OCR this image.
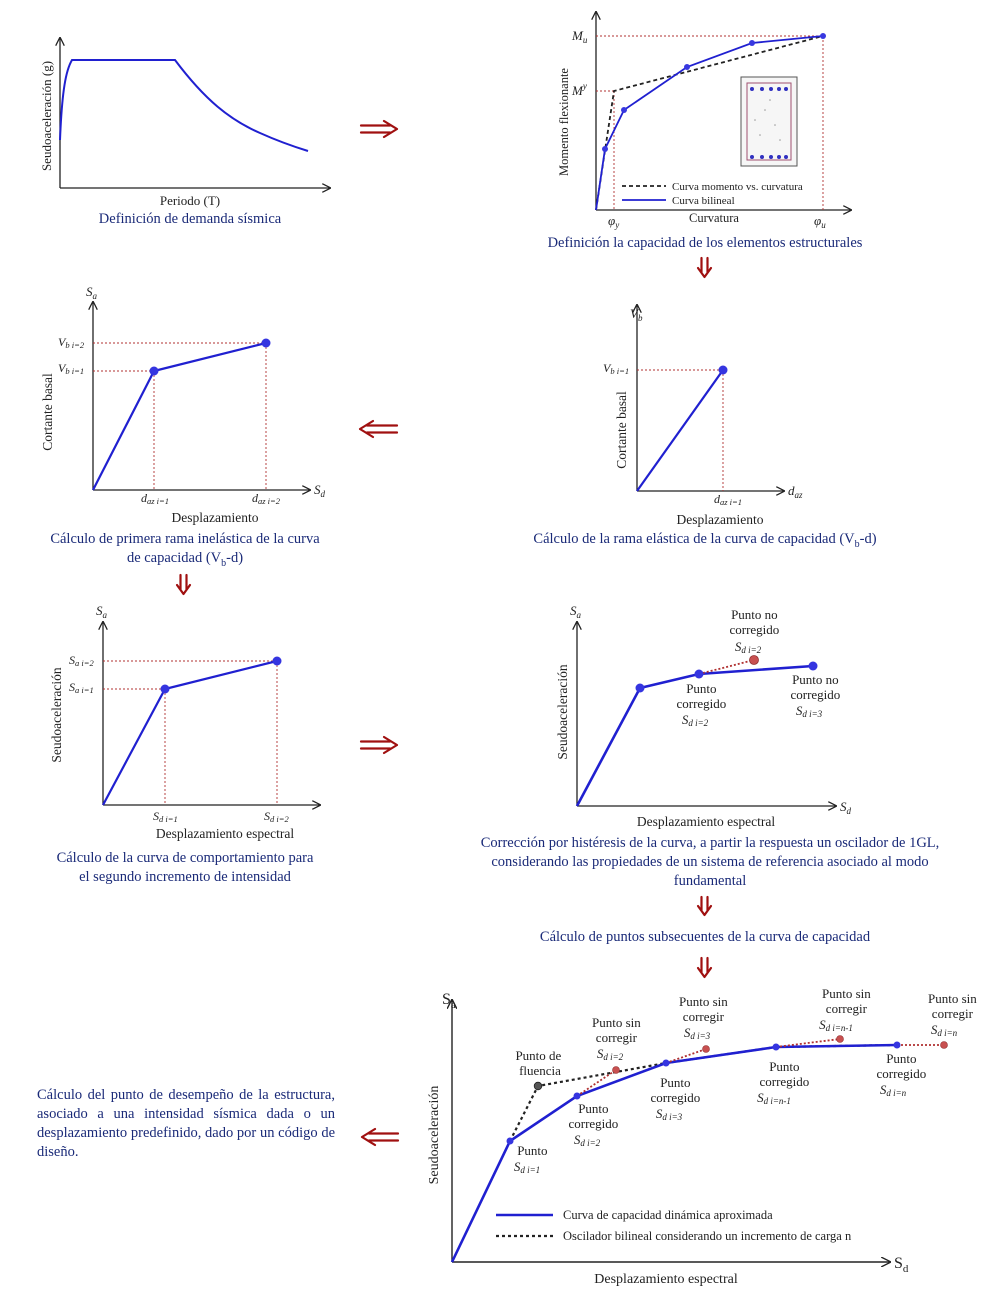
Seudoaceleración (g)
Periodo (T)
$M_u$
$M^y$
$\varphi_y$	$\varphi_u$
Momento flexionante
Curvatura
Curva momento vs. curvatura
Curva bilineal
$S_a$
$S_d$
Vb i=2
Vb i=1
daz i=1	daz i=2
Cortante basal
Desplazamiento
$V_b$
$d_{az}$
Vb i=1
daz i=1
Cortante basal
Desplazamiento
$S_a$
Sa i=2
Sa i=1
Sd i=1	Sd i=2
Seudoaceleración
Desplazamiento espectral
$S_a$
$S_d$
Punto no corregido Sd i=2
Punto corregido Sd i=2
Punto no corregido Sd i=3
Seudoaceleración
Desplazamiento espectral
$S_a$
$S_d$
Seudoaceleración
Desplazamiento espectral
Punto de fluencia
Punto Sd i=1
Punto sin corregir Sd i=2
Punto corregido Sd i=2
Punto sin corregir Sd i=3
Punto corregido Sd i=3
Punto sin corregir Sd i=n-1
Punto corregido Sd i=n-1
Punto sin corregir Sd i=n
Punto corregido Sd i=n
Curva de capacidad dinámica aproximada
Oscilador bilineal considerando un incremento de carga n
Definición de demanda sísmica
Definición la capacidad de los elementos estructurales
Cálculo de primera rama inelástica de la curva
de capacidad $(V_b-d)$
Cálculo de la rama elástica de la curva de capacidad $(V_b-d)$
Cálculo de la curva de comportamiento para
el segundo incremento de intensidad
Corrección por histéresis de la curva, a partir la respuesta un oscilador de 1GL,
considerando las propiedades de un sistema de referencia asociado al modo
fundamental
Cálculo de puntos subsecuentes de la curva de capacidad
Cálculo del punto de desempeño de la estructura, asociado a una intensidad sísmica dada o un desplazamiento predefinido, dado por un código de diseño.
